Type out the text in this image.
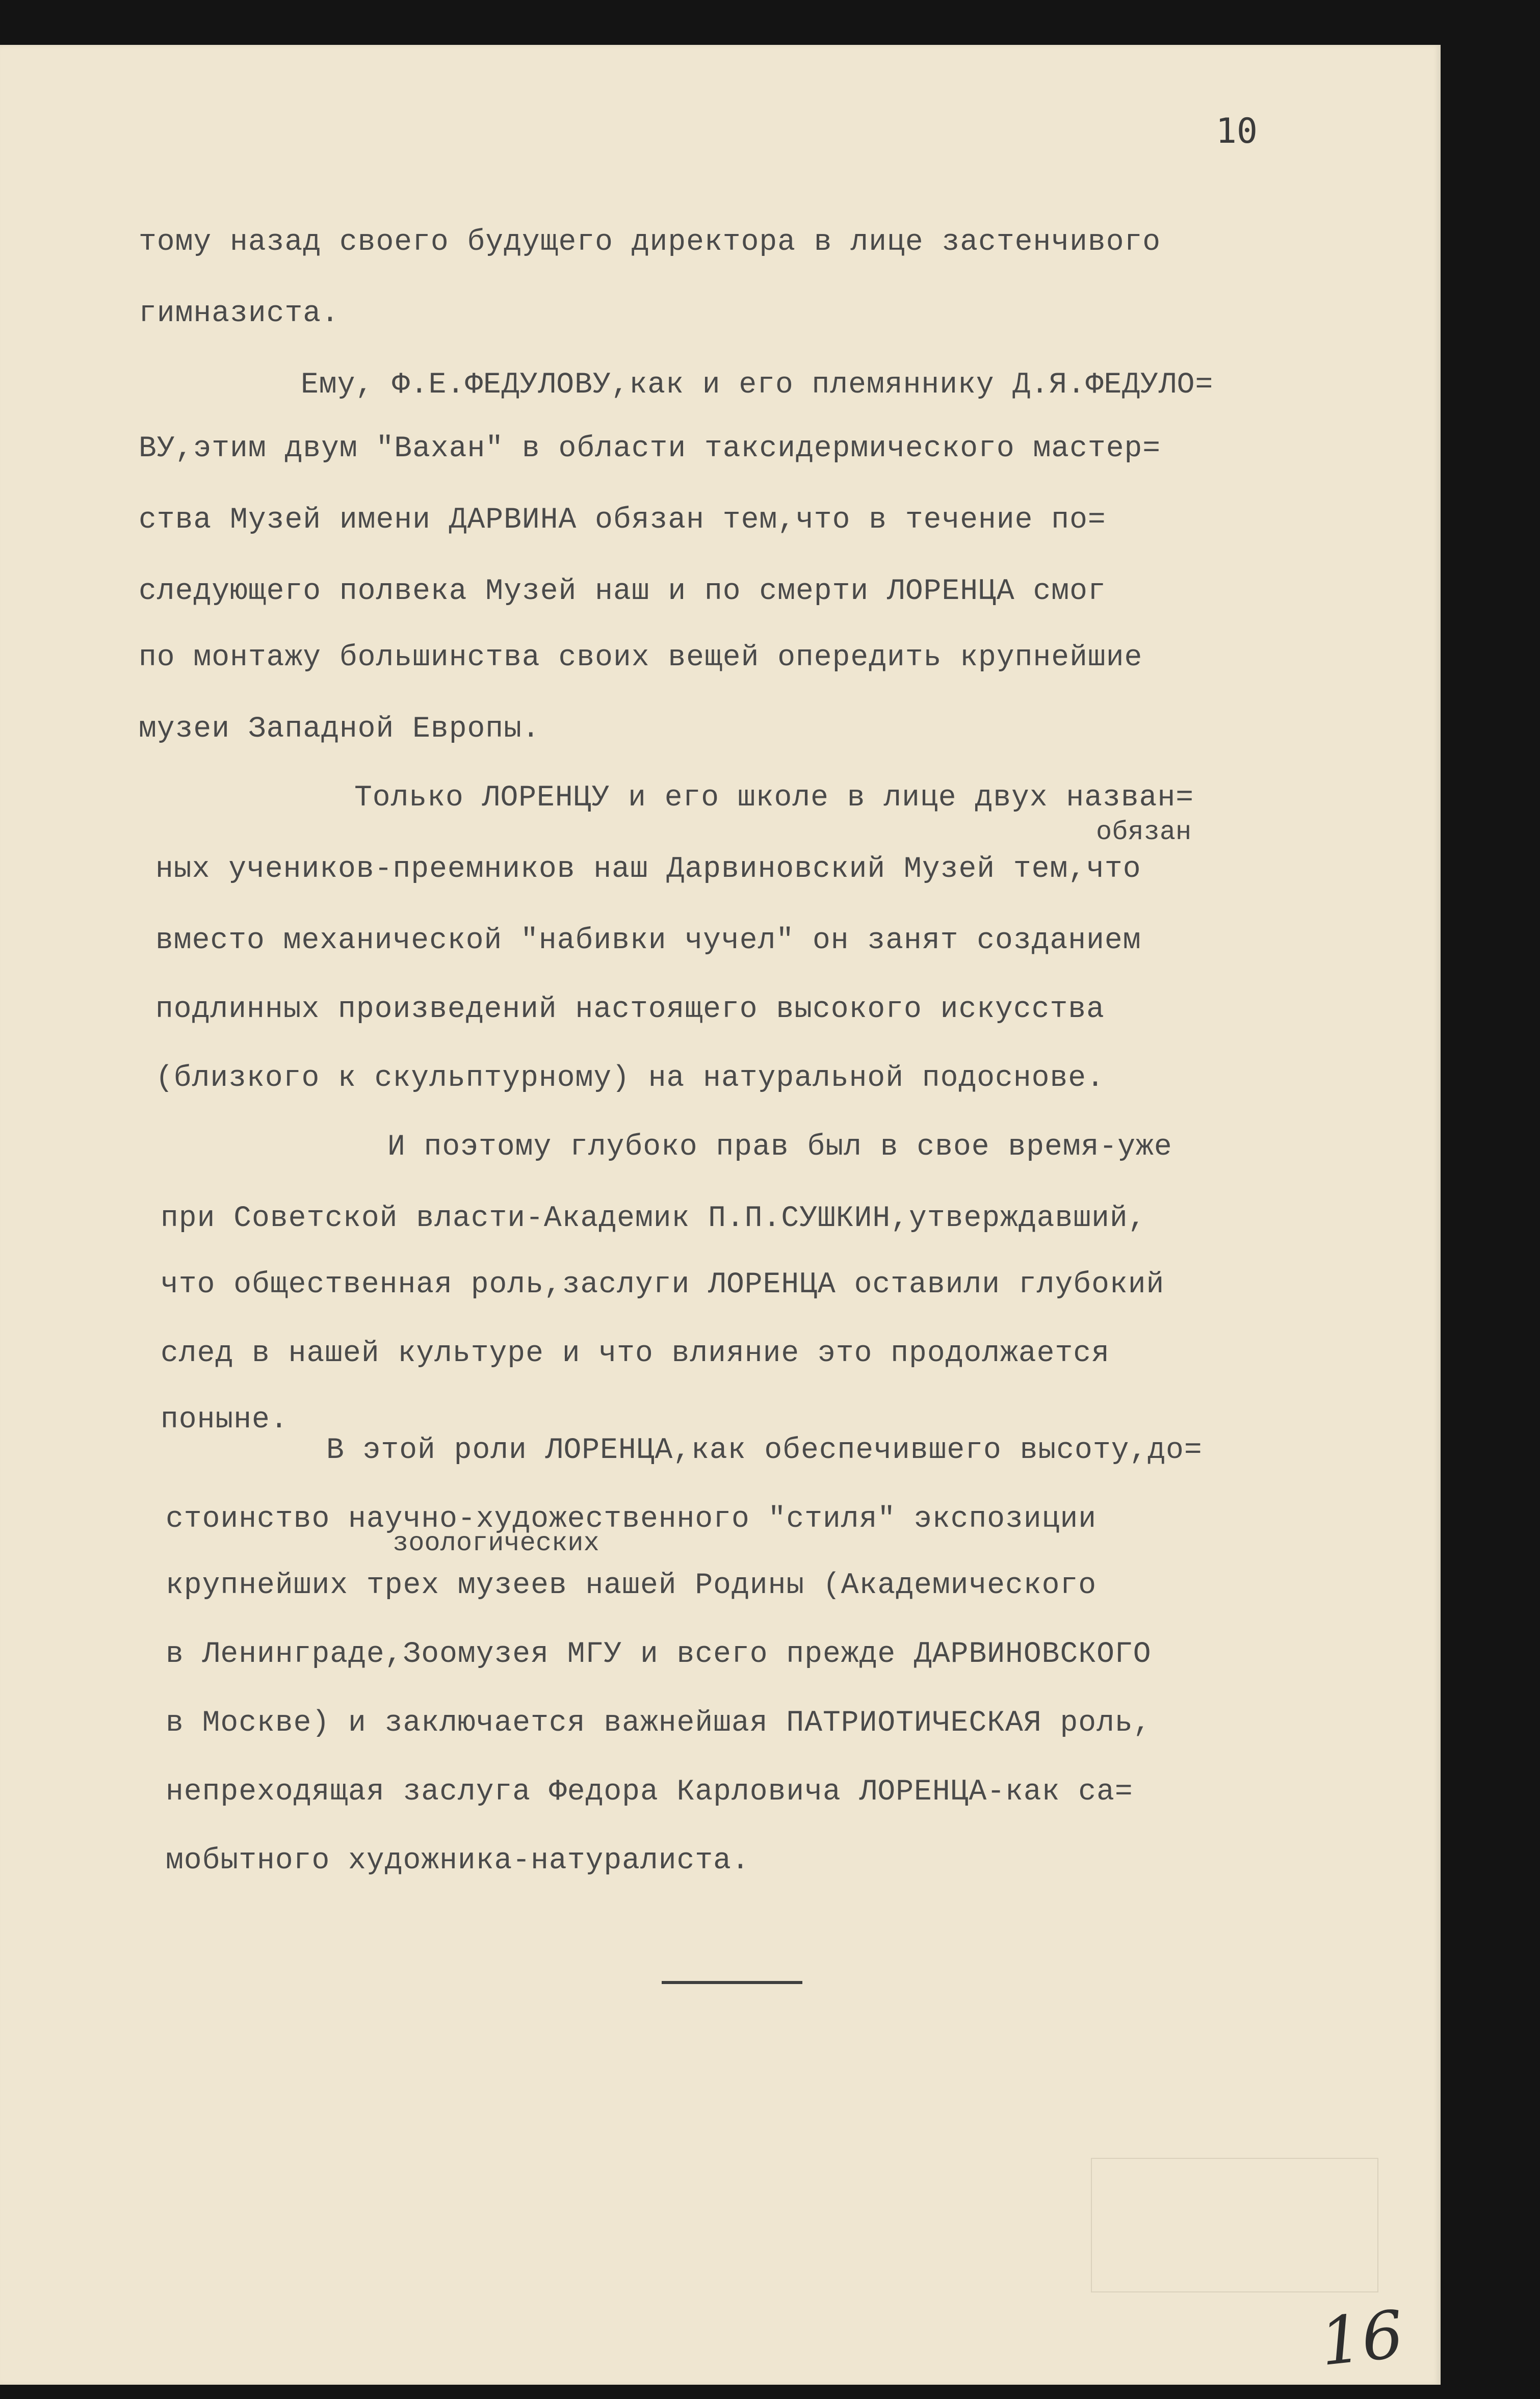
10
тому назад своего будущего директора в лице застенчивого
гимназиста.
Ему, Ф.Е.ФЕДУЛОВУ,как и его племяннику Д.Я.ФЕДУЛО=
ВУ,этим двум "Вахан" в области таксидермического мастер=
ства Музей имени ДАРВИНА обязан тем,что в течение по=
следующего полвека Музей наш и по смерти ЛОРЕНЦА смог
по монтажу большинства своих вещей опередить крупнейшие
музеи Западной Европы.
Только ЛОРЕНЦУ и его школе в лице двух назван=
обязан
ных учеников-преемников наш Дарвиновский Музей тем,что
вместо механической "набивки чучел" он занят созданием
подлинных произведений настоящего высокого искусства
(близкого к скульптурному) на натуральной подоснове.
И поэтому глубоко прав был в свое время-уже
при Советской власти-Академик П.П.СУШКИН,утверждавший,
что общественная роль,заслуги ЛОРЕНЦА оставили глубокий
след в нашей культуре и что влияние это продолжается
поныне.
В этой роли ЛОРЕНЦА,как обеспечившего высоту,до=
стоинство научно-художественного "стиля" экспозиции
зоологических
крупнейших трех музеев нашей Родины (Академического
в Ленинграде,Зоомузея МГУ и всего прежде ДАРВИНОВСКОГО
в Москве) и заключается важнейшая ПАТРИОТИЧЕСКАЯ роль,
непреходящая заслуга Федора Карловича ЛОРЕНЦА-как са=
мобытного художника-натуралиста.
16
